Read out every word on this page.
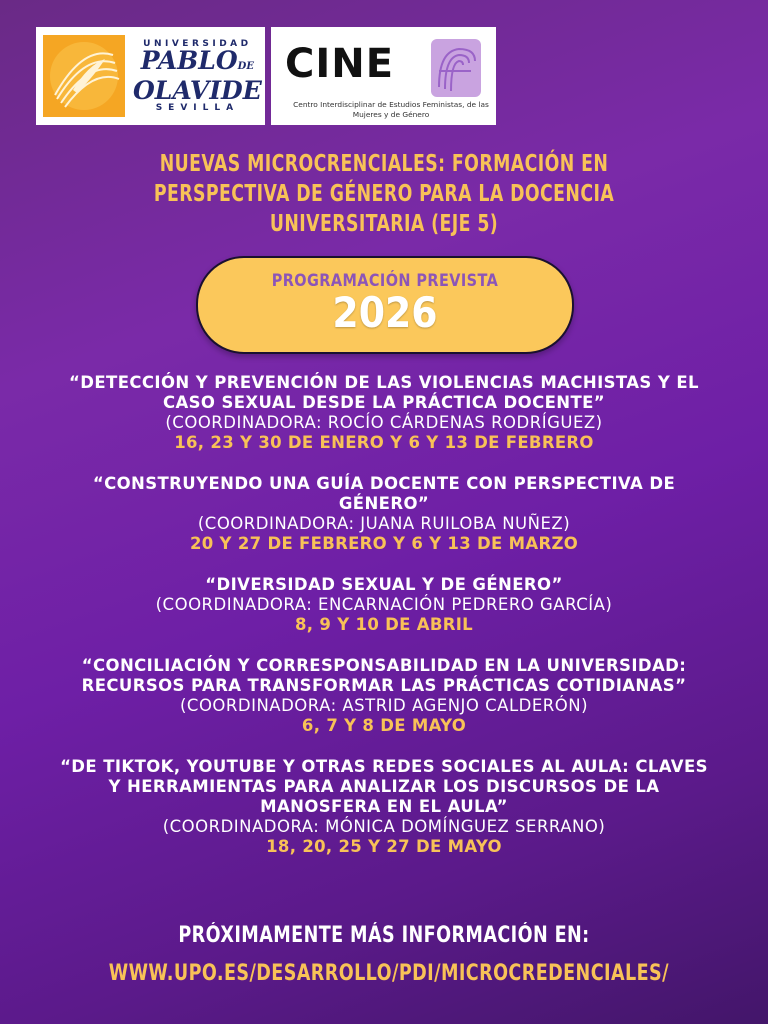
UNIVERSIDAD
PABLODE
OLAVIDE
SEVILLA
CINE
Centro Interdisciplinar de Estudios Feministas, de las Mujeres y de Género
NUEVAS MICROCRENCIALES: FORMACIÓN EN PERSPECTIVA DE GÉNERO PARA LA DOCENCIA UNIVERSITARIA (EJE 5)
PROGRAMACIÓN PREVISTA
2026
“DETECCIÓN Y PREVENCIÓN DE LAS VIOLENCIAS MACHISTAS Y EL CASO SEXUAL DESDE LA PRÁCTICA DOCENTE”
(COORDINADORA: ROCÍO CÁRDENAS RODRÍGUEZ)
16, 23 Y 30 DE ENERO Y 6 Y 13 DE FEBRERO
“CONSTRUYENDO UNA GUÍA DOCENTE CON PERSPECTIVA DE GÉNERO”
(COORDINADORA: JUANA RUILOBA NUÑEZ)
20 Y 27 DE FEBRERO Y 6 Y 13 DE MARZO
“DIVERSIDAD SEXUAL Y DE GÉNERO”
(COORDINADORA: ENCARNACIÓN PEDRERO GARCÍA)
8, 9 Y 10 DE ABRIL
“CONCILIACIÓN Y CORRESPONSABILIDAD EN LA UNIVERSIDAD: RECURSOS PARA TRANSFORMAR LAS PRÁCTICAS COTIDIANAS”
(COORDINADORA: ASTRID AGENJO CALDERÓN)
6, 7 Y 8 DE MAYO
“DE TIKTOK, YOUTUBE Y OTRAS REDES SOCIALES AL AULA: CLAVES Y HERRAMIENTAS PARA ANALIZAR LOS DISCURSOS DE LA MANOSFERA EN EL AULA”
(COORDINADORA: MÓNICA DOMÍNGUEZ SERRANO)
18, 20, 25 Y 27 DE MAYO
PRÓXIMAMENTE MÁS INFORMACIÓN EN:
WWW.UPO.ES/DESARROLLO/PDI/MICROCREDENCIALES/
